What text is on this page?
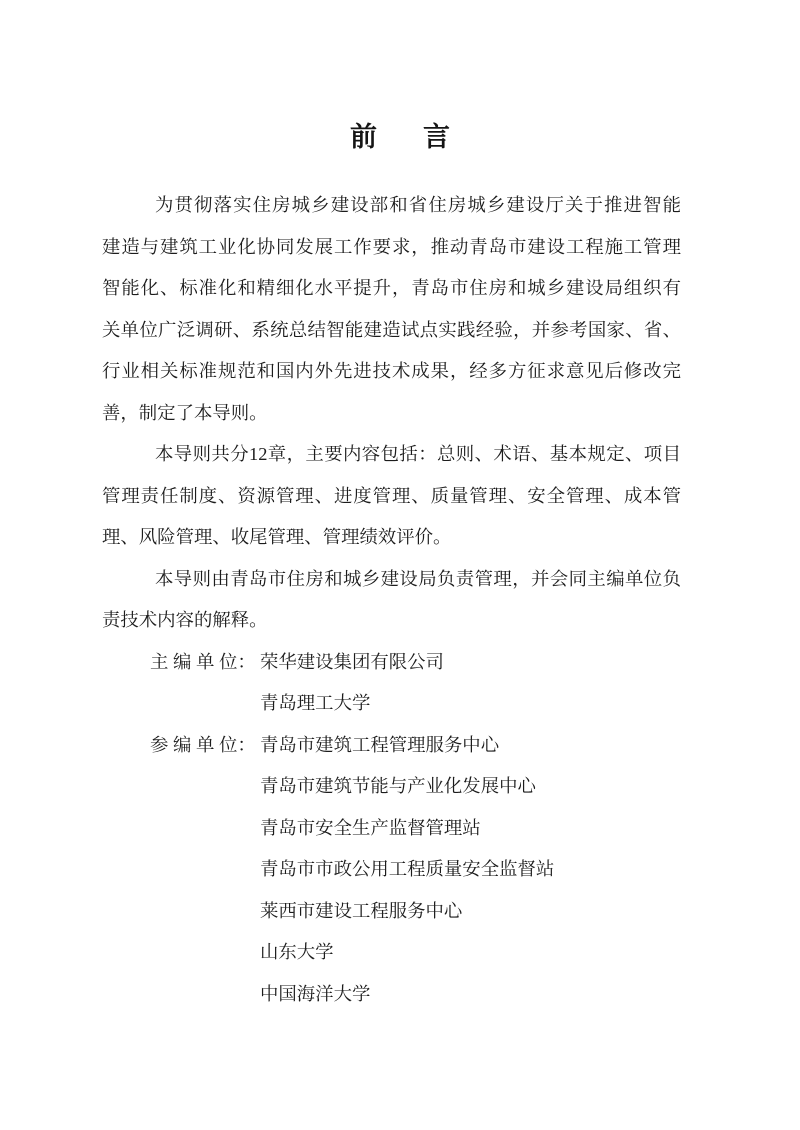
前 言
为贯彻落实住房城乡建设部和省住房城乡建设厅关于推进智能
建造与建筑工业化协同发展工作要求，推动青岛市建设工程施工管理
智能化、标准化和精细化水平提升，青岛市住房和城乡建设局组织有
关单位广泛调研、系统总结智能建造试点实践经验，并参考国家、省、
行业相关标准规范和国内外先进技术成果，经多方征求意见后修改完
善，制定了本导则。
本导则共分12章，主要内容包括：总则、术语、基本规定、项目
管理责任制度、资源管理、进度管理、质量管理、安全管理、成本管
理、风险管理、收尾管理、管理绩效评价。
本导则由青岛市住房和城乡建设局负责管理，并会同主编单位负
责技术内容的解释。
主 编 单 位： 荣华建设集团有限公司
青岛理工大学
参 编 单 位： 青岛市建筑工程管理服务中心
青岛市建筑节能与产业化发展中心
青岛市安全生产监督管理站
青岛市市政公用工程质量安全监督站
莱西市建设工程服务中心
山东大学
中国海洋大学
